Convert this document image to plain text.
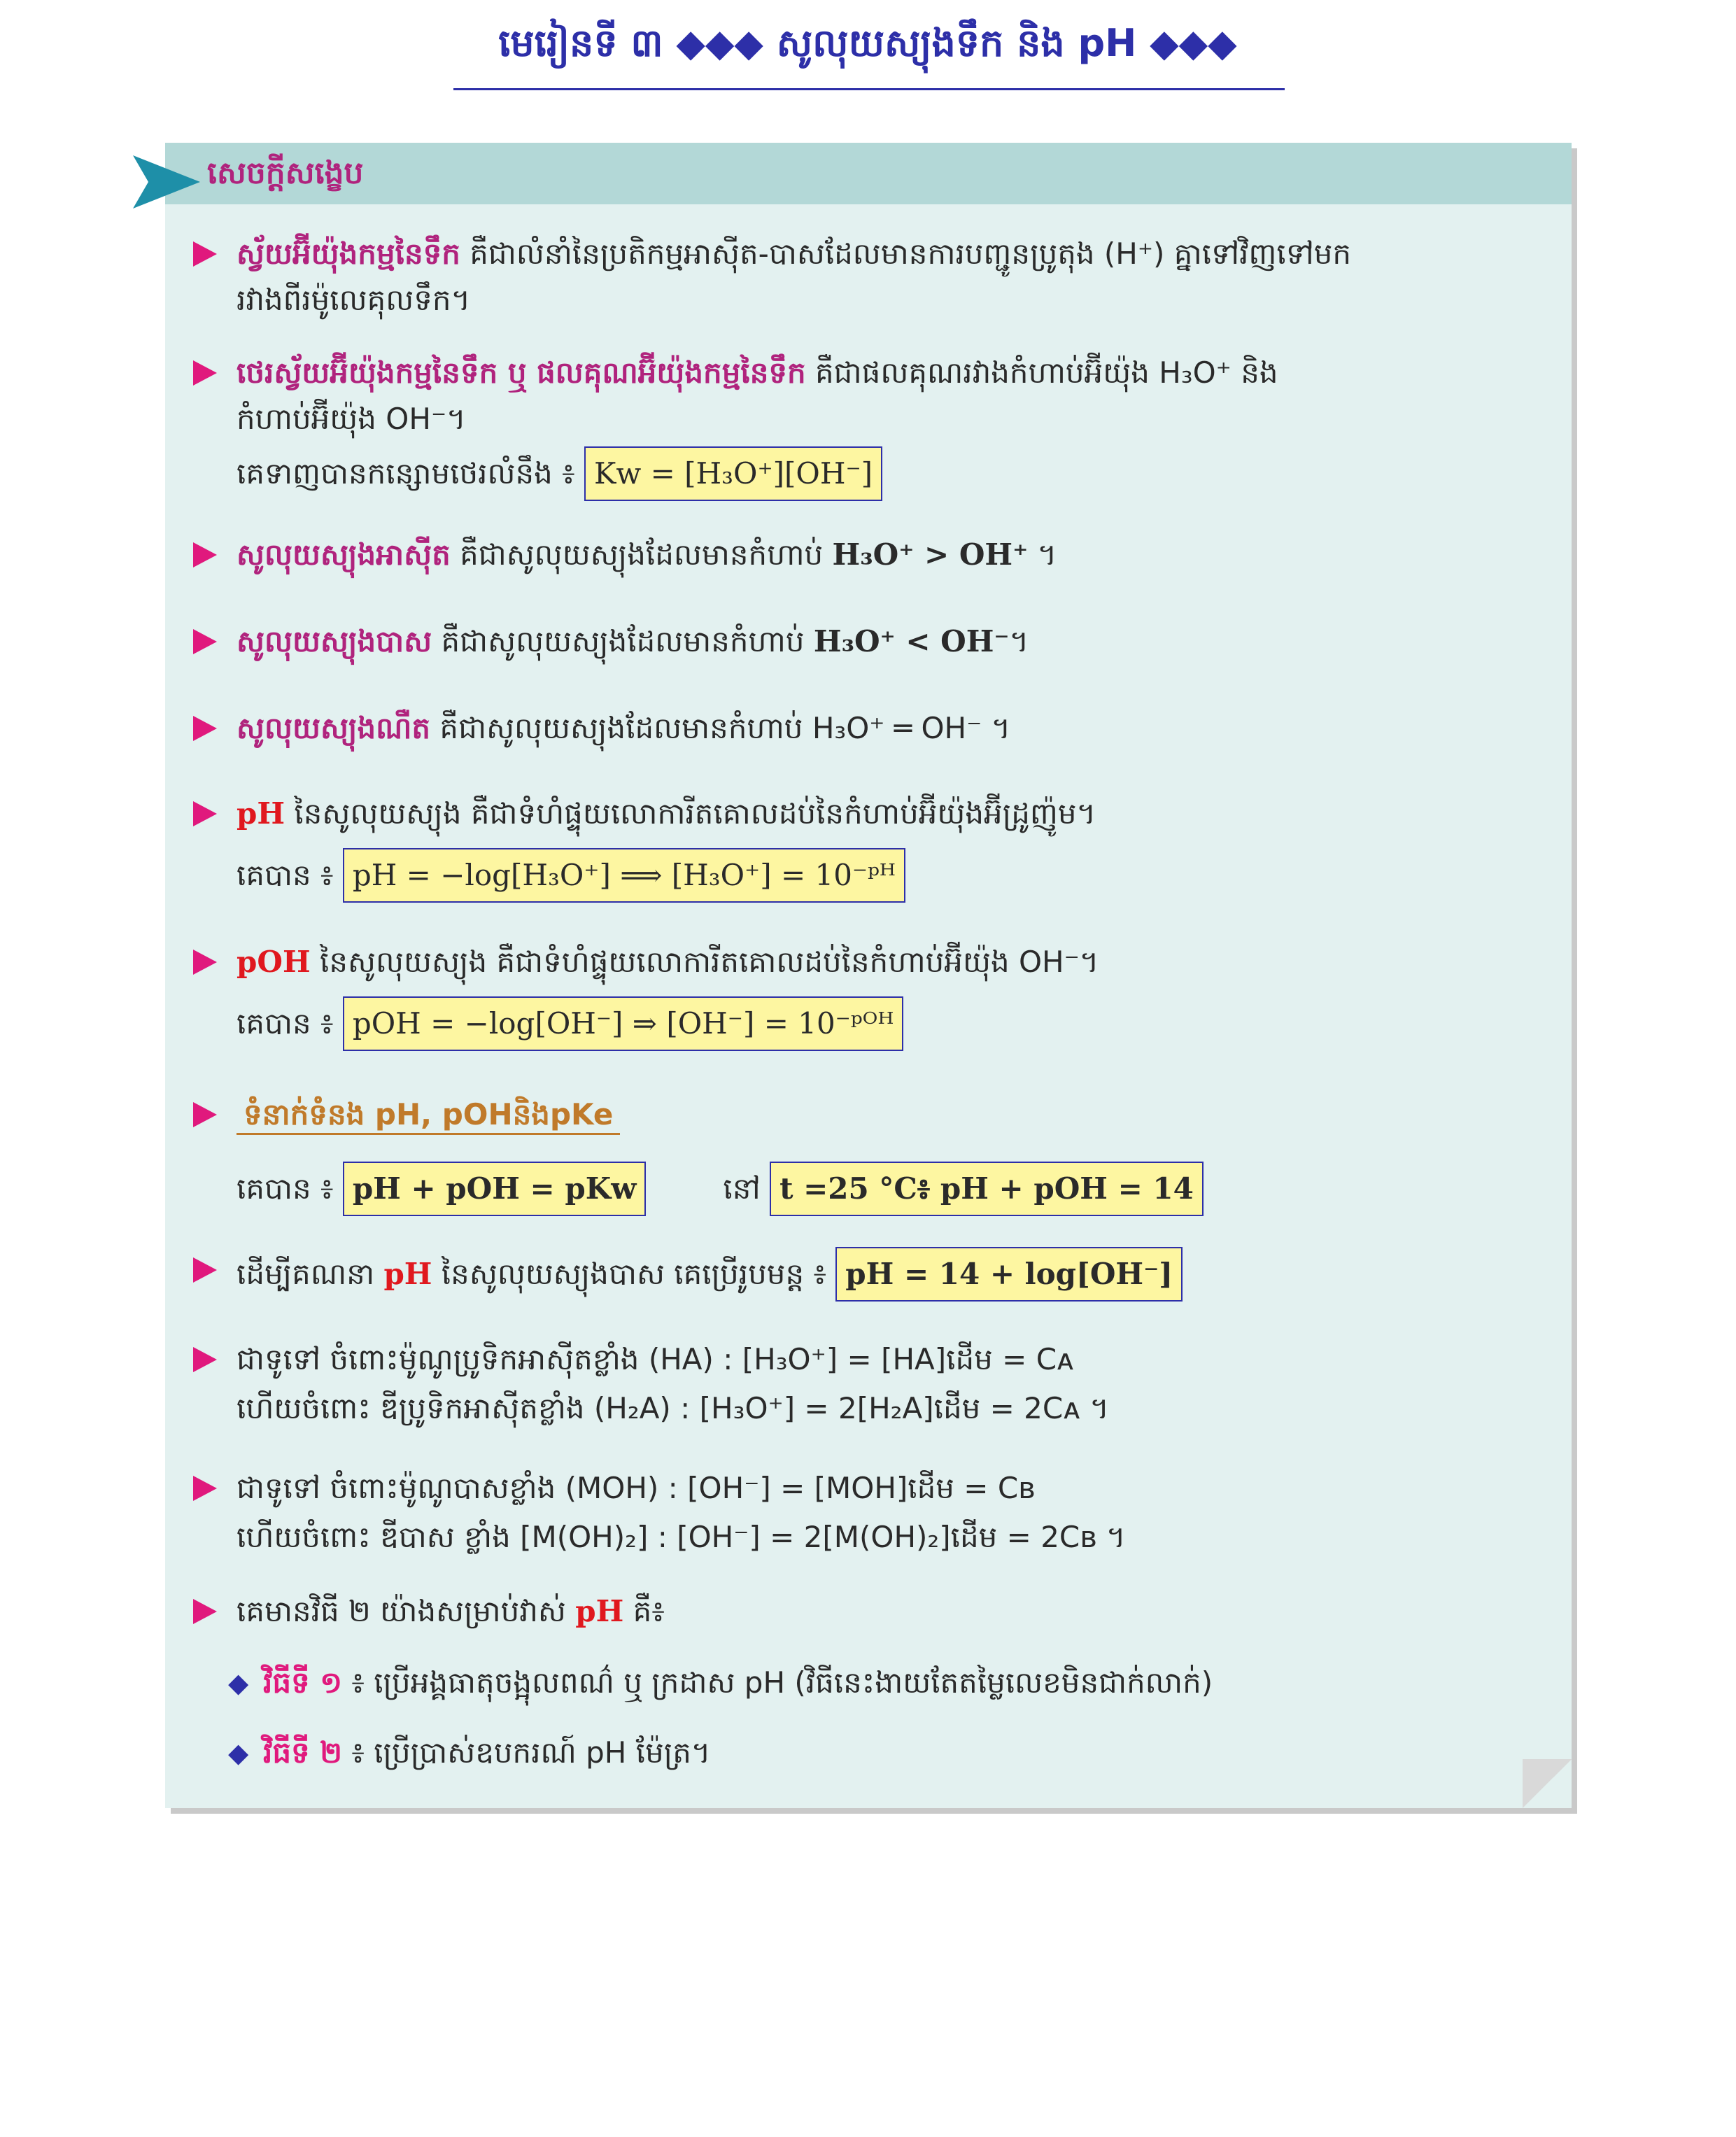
មេរៀនទី ៣ ◆◆◆ សូលុយស្យុងទឹក និង pH ◆◆◆
សេចក្តីសង្ខេប
ស្វ័យអ៊ីយ៉ុងកម្មនៃទឹក គឺជាលំនាំនៃប្រតិកម្មអាស៊ីត-បាសដែលមានការបញ្ជូនប្រូតុង (H⁺) គ្នាទៅវិញទៅមក
រវាងពីរម៉ូលេគុលទឹក។
ថេរស្វ័យអ៊ីយ៉ុងកម្មនៃទឹក ឬ ផលគុណអ៊ីយ៉ុងកម្មនៃទឹក គឺជាផលគុណរវាងកំហាប់អ៊ីយ៉ុង H₃O⁺ និង
កំហាប់អ៊ីយ៉ុង OH⁻។
គេទាញបានកន្សោមថេរលំនឹង ៖ Kw = [H₃O⁺][OH⁻]
សូលុយស្យុងអាស៊ីត គឺជាសូលុយស្យុងដែលមានកំហាប់ H₃O⁺ > OH⁺ ។
សូលុយស្យុងបាស គឺជាសូលុយស្យុងដែលមានកំហាប់ H₃O⁺ < OH⁻។
សូលុយស្យុងណឺត គឺជាសូលុយស្យុងដែលមានកំហាប់ H₃O⁺ ═ OH⁻ ។
pH នៃសូលុយស្យុង គឺជាទំហំផ្ទុយលោការីតគោលដប់នៃកំហាប់អ៊ីយ៉ុងអ៊ីដ្រូញ៉ូម។
គេបាន ៖ pH = −log[H₃O⁺] ⟹ [H₃O⁺] = 10⁻ᵖᴴ
pOH នៃសូលុយស្យុង គឺជាទំហំផ្ទុយលោការីតគោលដប់នៃកំហាប់អ៊ីយ៉ុង OH⁻។
គេបាន ៖ pOH = −log[OH⁻] ⇒ [OH⁻] = 10⁻ᵖᴼᴴ
ទំនាក់ទំនង pH, pOHនិងpKe
គេបាន ៖ pH + pOH = pKw	នៅ t =25 °C៖ pH + pOH = 14
ដើម្បីគណនា pH នៃសូលុយស្យុងបាស គេប្រើរូបមន្ត ៖ pH = 14 + log[OH⁻]
ជាទូទៅ ចំពោះម៉ូណូប្រូទិកអាស៊ីតខ្លាំង (HA) : [H₃O⁺] = [HA]ដើម = Cᴀ
ហើយចំពោះ ឌីប្រូទិកអាស៊ីតខ្លាំង (H₂A) : [H₃O⁺] = 2[H₂A]ដើម = 2Cᴀ ។
ជាទូទៅ ចំពោះម៉ូណូបាសខ្លាំង (MOH) : [OH⁻] = [MOH]ដើម = Cʙ
ហើយចំពោះ ឌីបាស ខ្លាំង [M(OH)₂] : [OH⁻] = 2[M(OH)₂]ដើម = 2Cʙ ។
គេមានវិធី ២ យ៉ាងសម្រាប់វាស់ pH គឺ៖
◆ វិធីទី ១ ៖ ប្រើអង្គធាតុចង្អុលពណ៌ ឬ ក្រដាស pH (វិធីនេះងាយតែតម្លៃលេខមិនជាក់លាក់)
◆ វិធីទី ២ ៖ ប្រើប្រាស់ឧបករណ៍ pH ម៉ែត្រ។
